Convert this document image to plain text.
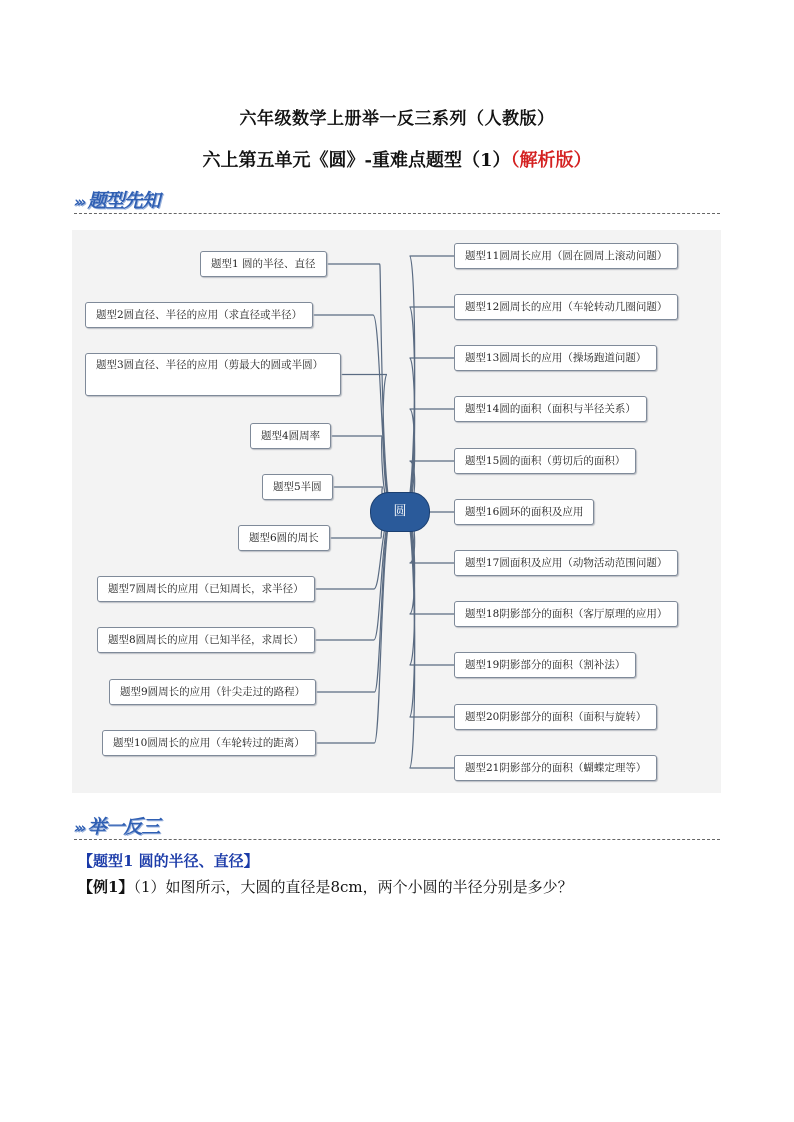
六年级数学上册举一反三系列（人教版）
六上第五单元《圆》-重难点题型（1）（解析版）
››› 题型先知
题型1 圆的半径、直径
题型2圆直径、半径的应用（求直径或半径）
题型3圆直径、半径的应用（剪最大的圆或半圆）
题型4圆周率
题型5半圆
题型6圆的周长
题型7圆周长的应用（已知周长，求半径）
题型8圆周长的应用（已知半径，求周长）
题型9圆周长的应用（针尖走过的路程）
题型10圆周长的应用（车轮转过的距离）
圆
题型11圆周长应用（圆在圆周上滚动问题）
题型12圆周长的应用（车轮转动几圈问题）
题型13圆周长的应用（操场跑道问题）
题型14圆的面积（面积与半径关系）
题型15圆的面积（剪切后的面积）
题型16圆环的面积及应用
题型17圆面积及应用（动物活动范围问题）
题型18阴影部分的面积（客厅原理的应用）
题型19阴影部分的面积（割补法）
题型20阴影部分的面积（面积与旋转）
题型21阴影部分的面积（蝴蝶定理等）
››› 举一反三
【题型1 圆的半径、直径】
【例1】（1）如图所示，大圆的直径是8cm，两个小圆的半径分别是多少？
